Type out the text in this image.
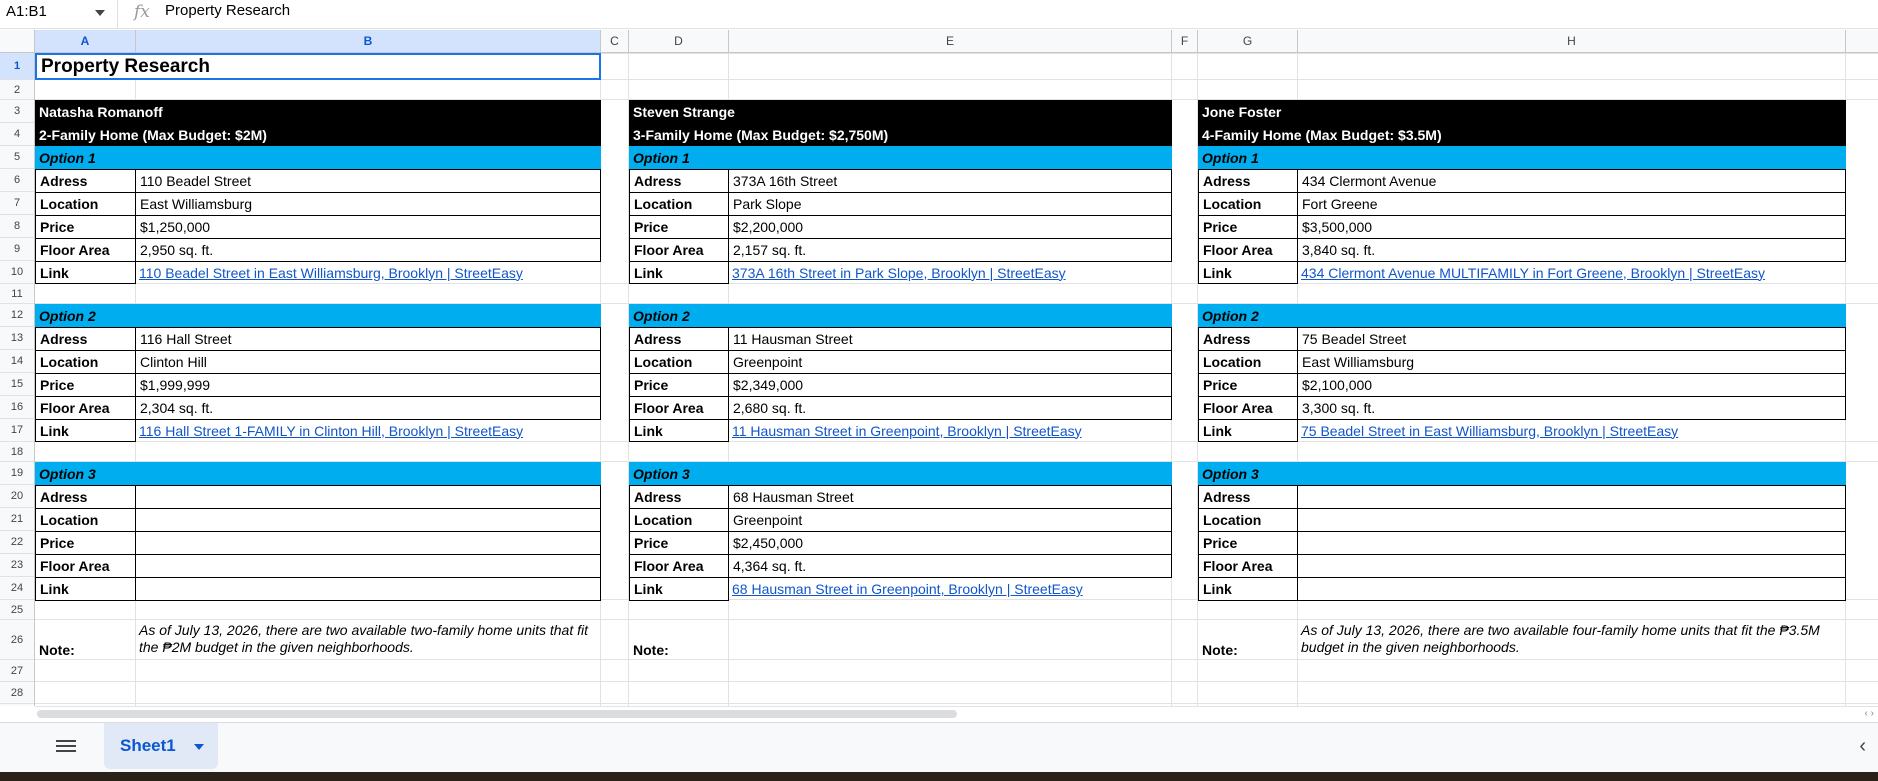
A1:B1	fx Property Research
A	B	C	D	E	F	G	H
1
2
3
4
5
6
7
8
9
10
11
12
13
14
15
16
17
18
19
20
21
22
23
24
25
26
27
28
Property Research
Natasha Romanoff
2-Family Home (Max Budget: $2M)
Option 1
Adress	110 Beadel Street
Location	East Williamsburg
Price	$1,250,000
Floor Area	2,950 sq. ft.
Link	110 Beadel Street in East Williamsburg, Brooklyn | StreetEasy
Option 2
Adress	116 Hall Street
Location	Clinton Hill
Price	$1,999,999
Floor Area	2,304 sq. ft.
Link	116 Hall Street 1-FAMILY in Clinton Hill, Brooklyn | StreetEasy
Option 3
Adress
Location
Price
Floor Area
Link
Note:
As of July 13, 2026, there are two available two-family home units that fit the ₱2M budget in the given neighborhoods.
Steven Strange
3-Family Home (Max Budget: $2,750M)
Option 1
Adress	373A 16th Street
Location	Park Slope
Price	$2,200,000
Floor Area	2,157 sq. ft.
Link	373A 16th Street in Park Slope, Brooklyn | StreetEasy
Option 2
Adress	11 Hausman Street
Location	Greenpoint
Price	$2,349,000
Floor Area	2,680 sq. ft.
Link	11 Hausman Street in Greenpoint, Brooklyn | StreetEasy
Option 3
Adress	68 Hausman Street
Location	Greenpoint
Price	$2,450,000
Floor Area	4,364 sq. ft.
Link	68 Hausman Street in Greenpoint, Brooklyn | StreetEasy
Note:
Jone Foster
4-Family Home (Max Budget: $3.5M)
Option 1
Adress	434 Clermont Avenue
Location	Fort Greene
Price	$3,500,000
Floor Area	3,840 sq. ft.
Link	434 Clermont Avenue MULTIFAMILY in Fort Greene, Brooklyn | StreetEasy
Option 2
Adress	75 Beadel Street
Location	East Williamsburg
Price	$2,100,000
Floor Area	3,300 sq. ft.
Link	75 Beadel Street in East Williamsburg, Brooklyn | StreetEasy
Option 3
Adress
Location
Price
Floor Area
Link
Note:
As of July 13, 2026, there are two available four-family home units that fit the ₱3.5M budget in the given neighborhoods.
‹ ›
Sheet1	‹
